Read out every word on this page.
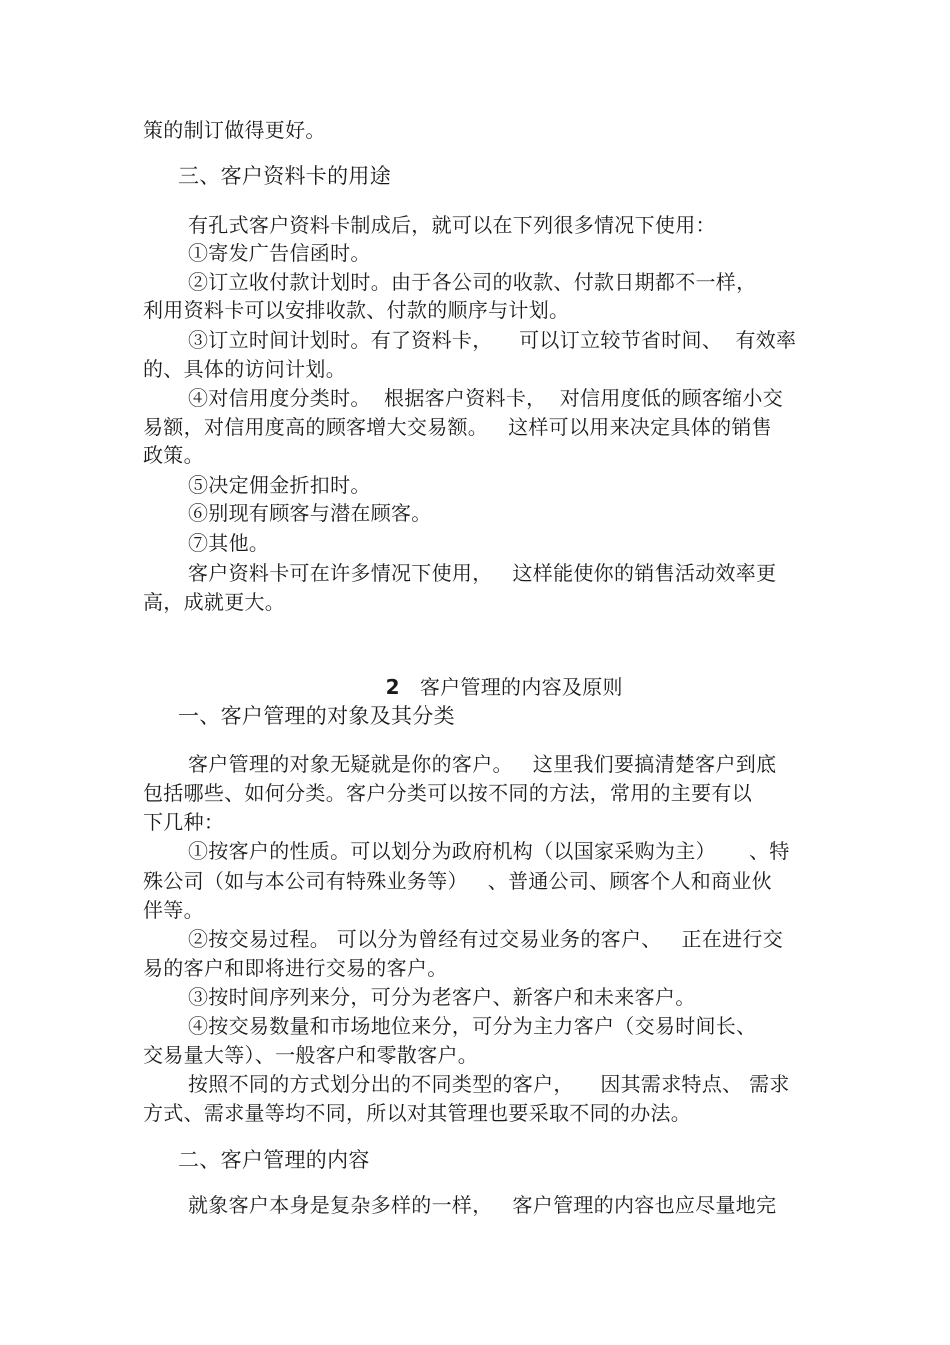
策的制订做得更好。
三、客户资料卡的用途
有孔式客户资料卡制成后，就可以在下列很多情况下使用：
①寄发广告信函时。
②订立收付款计划时。由于各公司的收款、付款日期都不一样，
利用资料卡可以安排收款、付款的顺序与计划。
③订立时间计划时。有了资料卡，    可以订立较节省时间、  有效率
的、具体的访问计划。
④对信用度分类时。  根据客户资料卡，  对信用度低的顾客缩小交
易额，对信用度高的顾客增大交易额。   这样可以用来决定具体的销售
政策。
⑤决定佣金折扣时。
⑥别现有顾客与潜在顾客。
⑦其他。
客户资料卡可在许多情况下使用，   这样能使你的销售活动效率更
高，成就更大。

2 客户管理的内容及原则

一、客户管理的对象及其分类
客户管理的对象无疑就是你的客户。   这里我们要搞清楚客户到底
包括哪些、如何分类。客户分类可以按不同的方法，常用的主要有以
下几种：
①按客户的性质。可以划分为政府机构（以国家采购为主）     、特
殊公司（如与本公司有特殊业务等）   、普通公司、顾客个人和商业伙
伴等。
②按交易过程。 可以分为曾经有过交易业务的客户、   正在进行交
易的客户和即将进行交易的客户。
③按时间序列来分，可分为老客户、新客户和未来客户。
④按交易数量和市场地位来分，可分为主力客户（交易时间长、
交易量大等）、一般客户和零散客户。
按照不同的方式划分出的不同类型的客户，    因其需求特点、 需求
方式、需求量等均不同，所以对其管理也要采取不同的办法。
二、客户管理的内容
就象客户本身是复杂多样的一样，   客户管理的内容也应尽量地完
